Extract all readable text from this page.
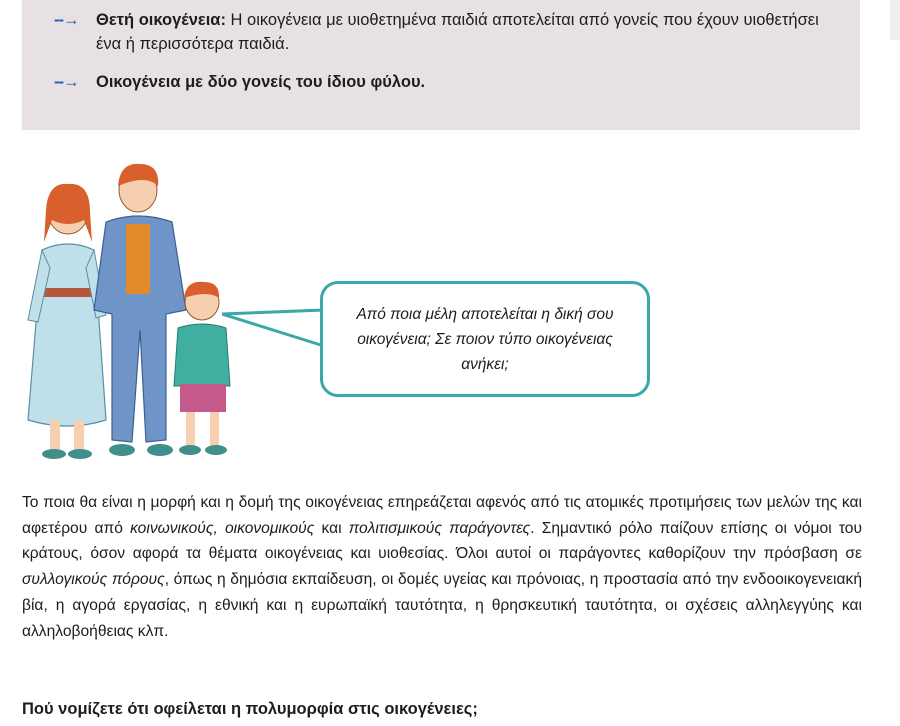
--→	Θετή οικογένεια: Η οικογένεια με υιοθετημένα παιδιά αποτελείται από γονείς που έχουν υιοθετήσει ένα ή περισσότερα παιδιά.
--→	Οικογένεια με δύο γονείς του ίδιου φύλου.
Από ποια μέλη αποτελείται η δική σου οικογένεια; Σε ποιον τύπο οικογένειας ανήκει;
Το ποια θα είναι η μορφή και η δομή της οικογένειας επηρεάζεται αφενός από τις ατομικές προτιμήσεις των μελών της και αφετέρου από κοινωνικούς, οικονομικούς και πολιτισμικούς παράγοντες. Σημαντικό ρόλο παίζουν επίσης οι νόμοι του κράτους, όσον αφορά τα θέματα οικογένειας και υιοθεσίας. Όλοι αυτοί οι παράγοντες καθορίζουν την πρόσβαση σε συλλογικούς πόρους, όπως η δημόσια εκπαίδευση, οι δομές υγείας και πρόνοιας, η προστασία από την ενδοοικογενειακή βία, η αγορά εργασίας, η εθνική και η ευρωπαϊκή ταυτότητα, η θρησκευτική ταυτότητα, οι σχέσεις αλληλεγγύης και αλληλοβοήθειας κλπ.
Πού νομίζετε ότι οφείλεται η πολυμορφία στις οικογένειες;
